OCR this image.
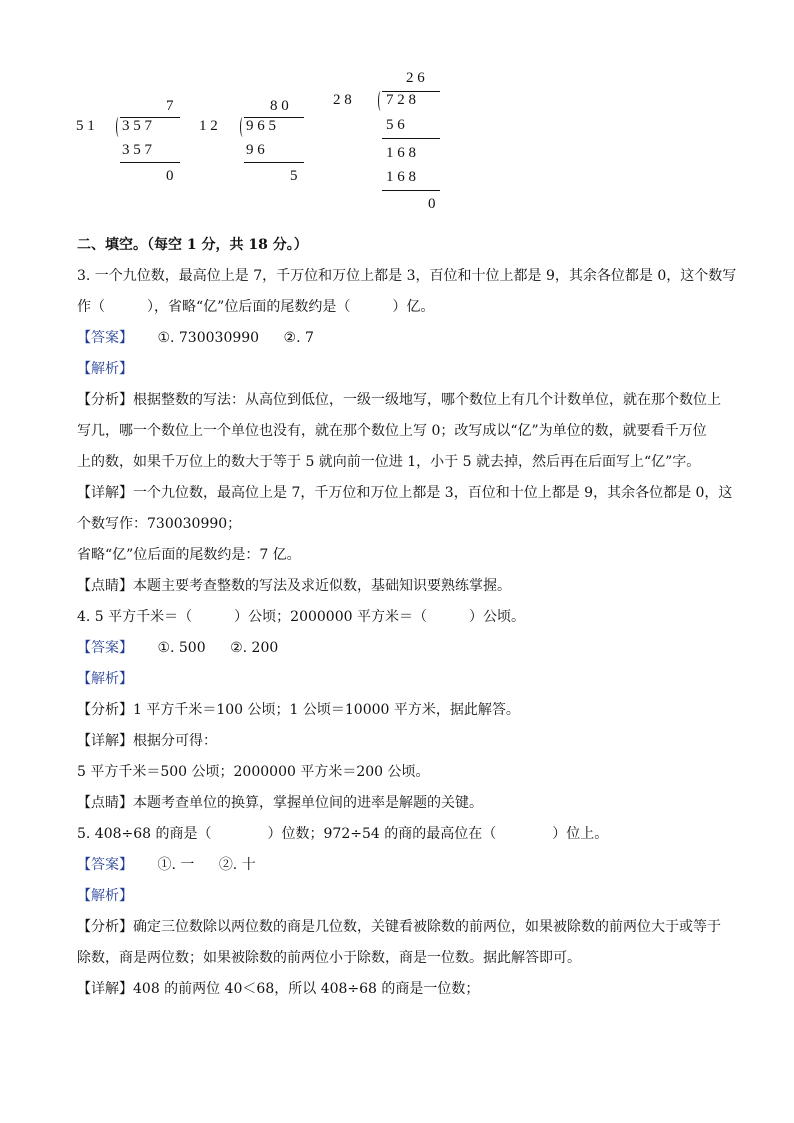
7
5 1 3 5 7
3 5 7
0
8 0
1 2 9 6 5
9 6
5
2 6
2 8 7 2 8
5 6
1 6 8
1 6 8
0
二、填空。（每空 1 分，共 18 分。）
3. 一个九位数，最高位上是 7，千万位和万位上都是 3，百位和十位上都是 9，其余各位都是 0，这个数写
作（　　　），省略“亿”位后面的尾数约是（　　　）亿。
【答案】 ①. 730030990 ②. 7
【解析】
【分析】根据整数的写法：从高位到低位，一级一级地写，哪个数位上有几个计数单位，就在那个数位上
写几，哪一个数位上一个单位也没有，就在那个数位上写 0；改写成以“亿”为单位的数，就要看千万位
上的数，如果千万位上的数大于等于 5 就向前一位进 1，小于 5 就去掉，然后再在后面写上“亿”字。
【详解】一个九位数，最高位上是 7，千万位和万位上都是 3，百位和十位上都是 9，其余各位都是 0，这
个数写作：730030990；
省略“亿”位后面的尾数约是：7 亿。
【点睛】本题主要考查整数的写法及求近似数，基础知识要熟练掌握。
4. 5 平方千米＝（　　　）公顷；2000000 平方米＝（　　　）公顷。
【答案】 ①. 500 ②. 200
【解析】
【分析】1 平方千米＝100 公顷；1 公顷＝10000 平方米，据此解答。
【详解】根据分可得：
5 平方千米＝500 公顷；2000000 平方米＝200 公顷。
【点睛】本题考查单位的换算，掌握单位间的进率是解题的关键。
5. 408÷68 的商是（　　　　）位数；972÷54 的商的最高位在（　　　　）位上。
【答案】 ①. 一 ②. 十
【解析】
【分析】确定三位数除以两位数的商是几位数，关键看被除数的前两位，如果被除数的前两位大于或等于
除数，商是两位数；如果被除数的前两位小于除数，商是一位数。据此解答即可。
【详解】408 的前两位 40＜68，所以 408÷68 的商是一位数；
